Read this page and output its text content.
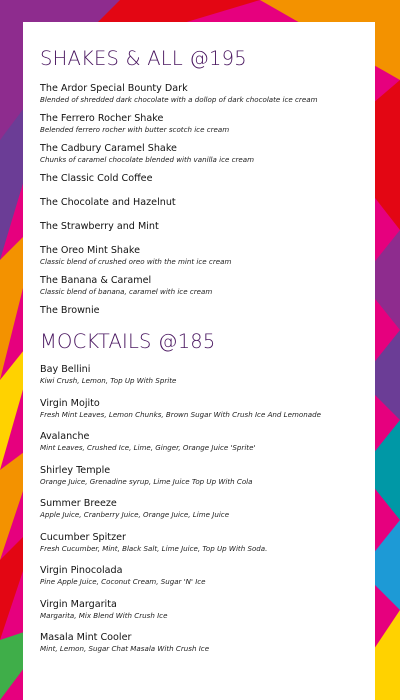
SHAKES & ALL @195
The Ardor Special Bounty Dark
Blended of shredded dark chocolate with a dollop of dark chocolate ice cream
The Ferrero Rocher Shake
Belended ferrero rocher with butter scotch ice cream
The Cadbury Caramel Shake
Chunks of caramel chocolate blended with vanilla ice cream
The Classic Cold Coffee
The Chocolate and Hazelnut
The Strawberry and Mint
The Oreo Mint Shake
Classic blend of crushed oreo with the mint ice cream
The Banana & Caramel
Classic blend of banana, caramel with ice cream
The Brownie
MOCKTAILS @185
Bay Bellini
Kiwi Crush, Lemon, Top Up With Sprite
Virgin Mojito
Fresh Mint Leaves, Lemon Chunks, Brown Sugar With Crush Ice And Lemonade
Avalanche
Mint Leaves, Crushed Ice, Lime, Ginger, Orange Juice 'Sprite'
Shirley Temple
Orange Juice, Grenadine syrup, Lime Juice Top Up With Cola
Summer Breeze
Apple Juice, Cranberry Juice, Orange Juice, Lime Juice
Cucumber Spitzer
Fresh Cucumber, Mint, Black Salt, Lime Juice, Top Up With Soda.
Virgin Pinocolada
Pine Apple Juice, Coconut Cream, Sugar 'N' Ice
Virgin Margarita
Margarita, Mix Blend With Crush Ice
Masala Mint Cooler
Mint, Lemon, Sugar Chat Masala With Crush Ice
